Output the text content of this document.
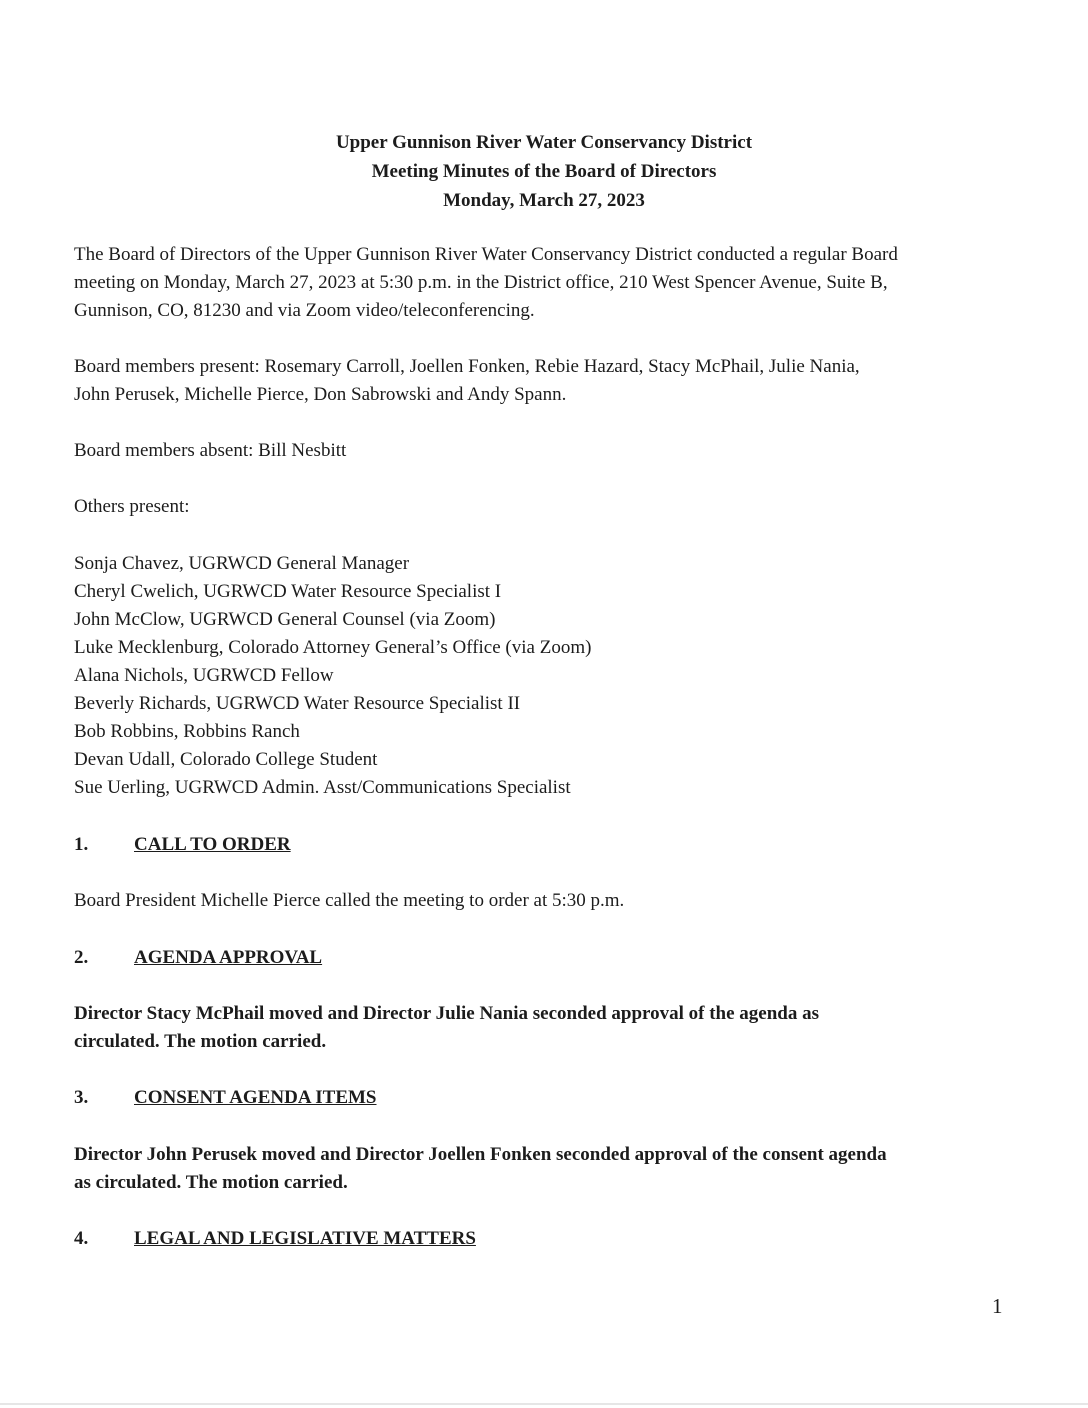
Upper Gunnison River Water Conservancy District
Meeting Minutes of the Board of Directors
Monday, March 27, 2023
The Board of Directors of the Upper Gunnison River Water Conservancy District conducted a regular Board
meeting on Monday, March 27, 2023 at 5:30 p.m. in the District office, 210 West Spencer Avenue, Suite B,
Gunnison, CO, 81230 and via Zoom video/teleconferencing.
Board members present: Rosemary Carroll, Joellen Fonken, Rebie Hazard, Stacy McPhail, Julie Nania,
John Perusek, Michelle Pierce, Don Sabrowski and Andy Spann.
Board members absent: Bill Nesbitt
Others present:
Sonja Chavez, UGRWCD General Manager
Cheryl Cwelich, UGRWCD Water Resource Specialist I
John McClow, UGRWCD General Counsel (via Zoom)
Luke Mecklenburg, Colorado Attorney General’s Office (via Zoom)
Alana Nichols, UGRWCD Fellow
Beverly Richards, UGRWCD Water Resource Specialist II
Bob Robbins, Robbins Ranch
Devan Udall, Colorado College Student
Sue Uerling, UGRWCD Admin. Asst/Communications Specialist
1. CALL TO ORDER
Board President Michelle Pierce called the meeting to order at 5:30 p.m.
2. AGENDA APPROVAL
Director Stacy McPhail moved and Director Julie Nania seconded approval of the agenda as
circulated. The motion carried.
3. CONSENT AGENDA ITEMS
Director John Perusek moved and Director Joellen Fonken seconded approval of the consent agenda
as circulated. The motion carried.
4. LEGAL AND LEGISLATIVE MATTERS
1
